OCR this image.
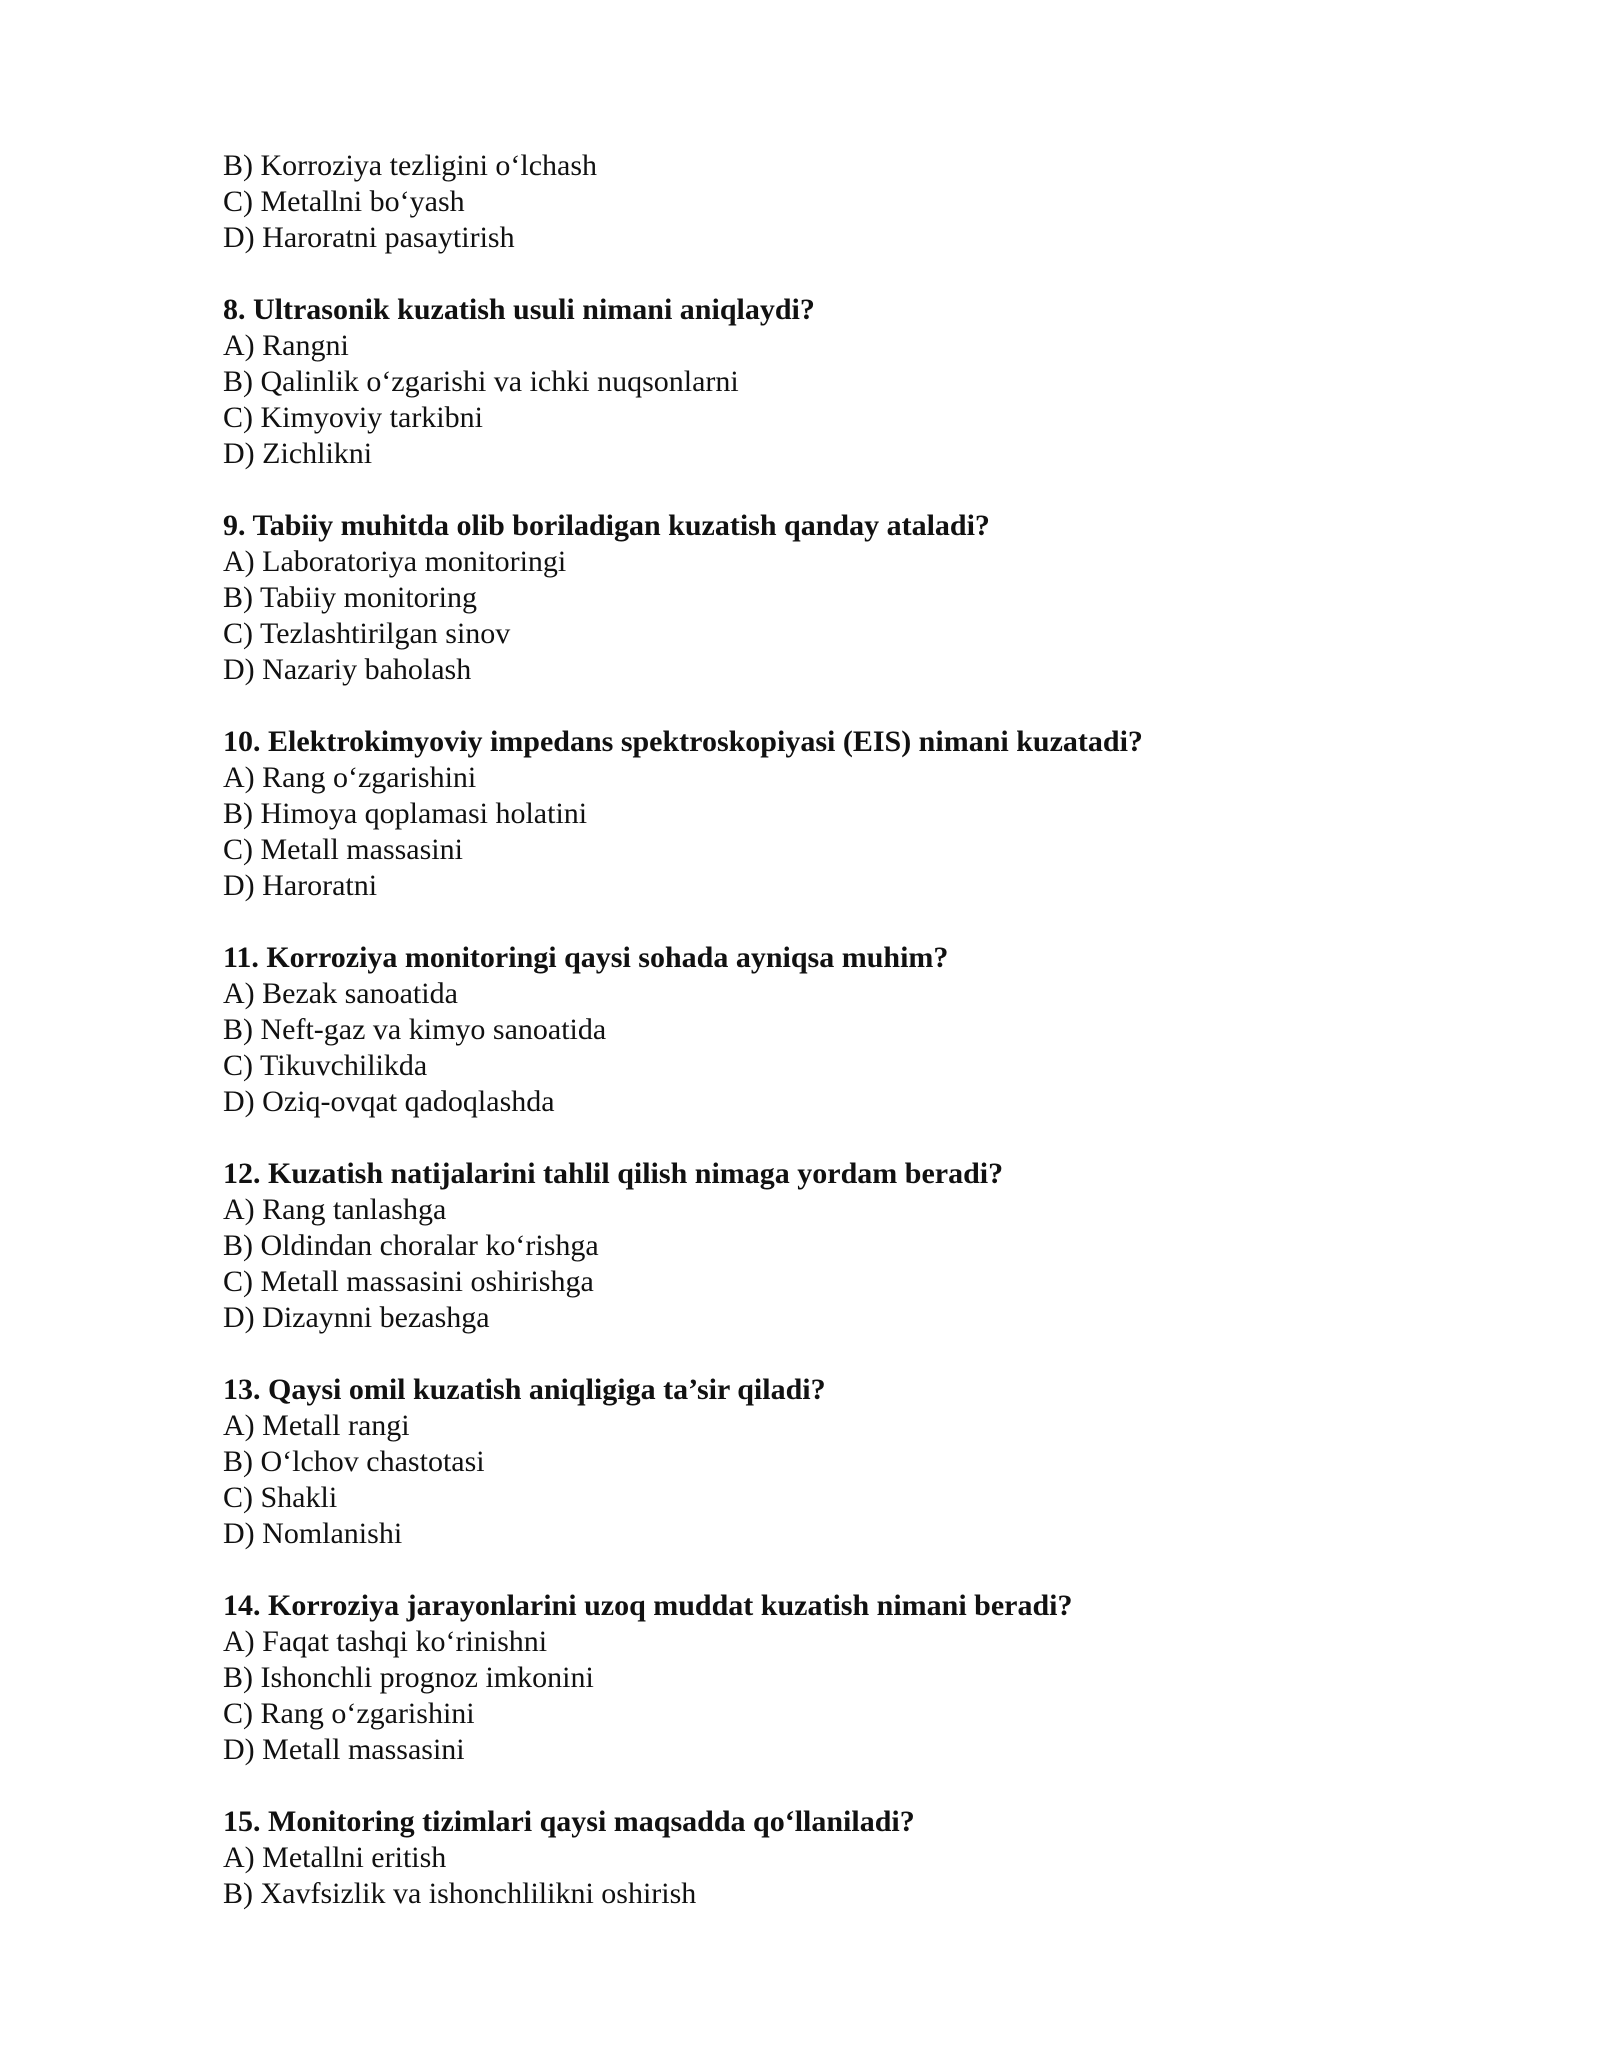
B) Korroziya tezligini o‘lchash
C) Metallni bo‘yash
D) Haroratni pasaytirish
8. Ultrasonik kuzatish usuli nimani aniqlaydi?
A) Rangni
B) Qalinlik o‘zgarishi va ichki nuqsonlarni
C) Kimyoviy tarkibni
D) Zichlikni
9. Tabiiy muhitda olib boriladigan kuzatish qanday ataladi?
A) Laboratoriya monitoringi
B) Tabiiy monitoring
C) Tezlashtirilgan sinov
D) Nazariy baholash
10. Elektrokimyoviy impedans spektroskopiyasi (EIS) nimani kuzatadi?
A) Rang o‘zgarishini
B) Himoya qoplamasi holatini
C) Metall massasini
D) Haroratni
11. Korroziya monitoringi qaysi sohada ayniqsa muhim?
A) Bezak sanoatida
B) Neft-gaz va kimyo sanoatida
C) Tikuvchilikda
D) Oziq-ovqat qadoqlashda
12. Kuzatish natijalarini tahlil qilish nimaga yordam beradi?
A) Rang tanlashga
B) Oldindan choralar ko‘rishga
C) Metall massasini oshirishga
D) Dizaynni bezashga
13. Qaysi omil kuzatish aniqligiga ta’sir qiladi?
A) Metall rangi
B) O‘lchov chastotasi
C) Shakli
D) Nomlanishi
14. Korroziya jarayonlarini uzoq muddat kuzatish nimani beradi?
A) Faqat tashqi ko‘rinishni
B) Ishonchli prognoz imkonini
C) Rang o‘zgarishini
D) Metall massasini
15. Monitoring tizimlari qaysi maqsadda qo‘llaniladi?
A) Metallni eritish
B) Xavfsizlik va ishonchlilikni oshirish
